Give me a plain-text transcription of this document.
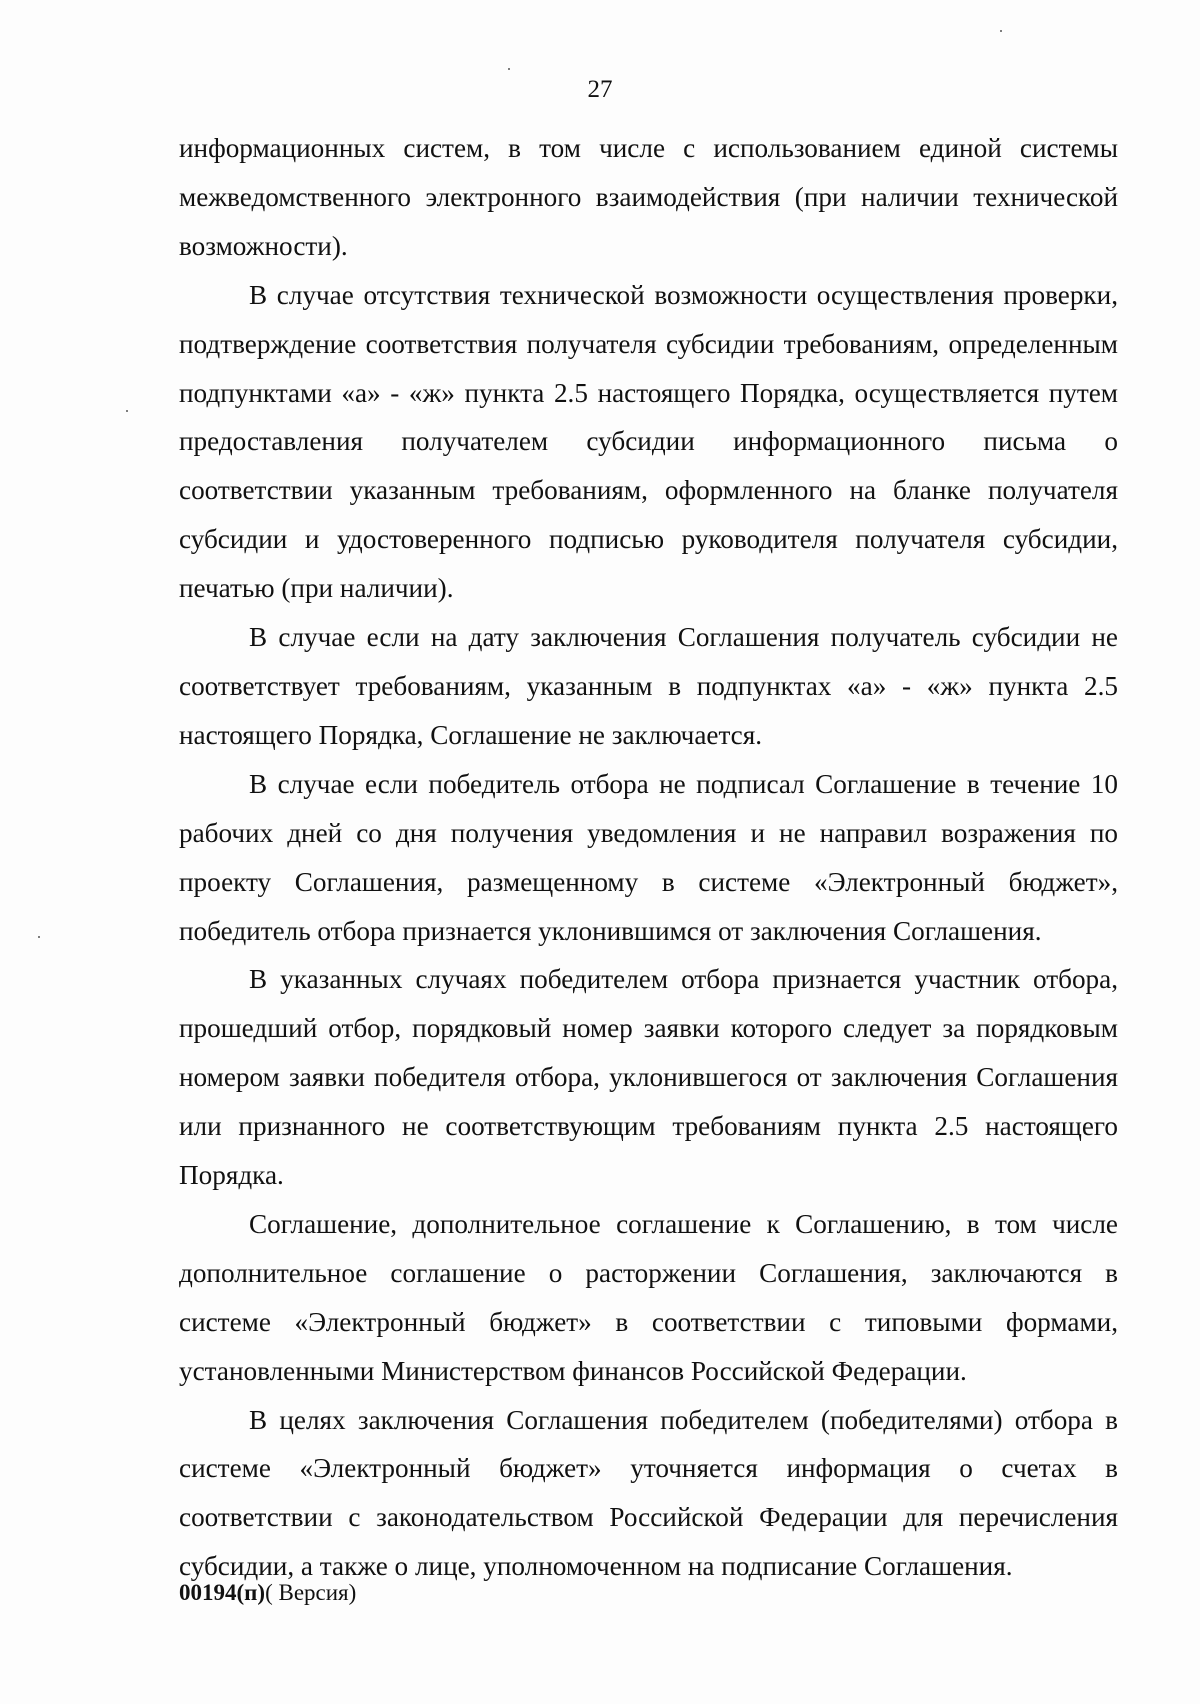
27

информационных систем, в том числе с использованием единой системы межведомственного электронного взаимодействия (при наличии технической возможности).

В случае отсутствия технической возможности осуществления проверки, подтверждение соответствия получателя субсидии требованиям, определенным подпунктами «а» - «ж» пункта 2.5 настоящего Порядка, осуществляется путем предоставления получателем субсидии информационного письма о соответствии указанным требованиям, оформленного на бланке получателя субсидии и удостоверенного подписью руководителя получателя субсидии, печатью (при наличии).

В случае если на дату заключения Соглашения получатель субсидии не соответствует требованиям, указанным в подпунктах «а» - «ж» пункта 2.5 настоящего Порядка, Соглашение не заключается.

В случае если победитель отбора не подписал Соглашение в течение 10 рабочих дней со дня получения уведомления и не направил возражения по проекту Соглашения, размещенному в системе «Электронный бюджет», победитель отбора признается уклонившимся от заключения Соглашения.

В указанных случаях победителем отбора признается участник отбора, прошедший отбор, порядковый номер заявки которого следует за порядковым номером заявки победителя отбора, уклонившегося от заключения Соглашения или признанного не соответствующим требованиям пункта 2.5 настоящего Порядка.

Соглашение, дополнительное соглашение к Соглашению, в том числе дополнительное соглашение о расторжении Соглашения, заключаются в системе «Электронный бюджет» в соответствии с типовыми формами, установленными Министерством финансов Российской Федерации.

В целях заключения Соглашения победителем (победителями) отбора в системе «Электронный бюджет» уточняется информация о счетах в соответствии с законодательством Российской Федерации для перечисления субсидии, а также о лице, уполномоченном на подписание Соглашения.

00194(п)( Версия)
